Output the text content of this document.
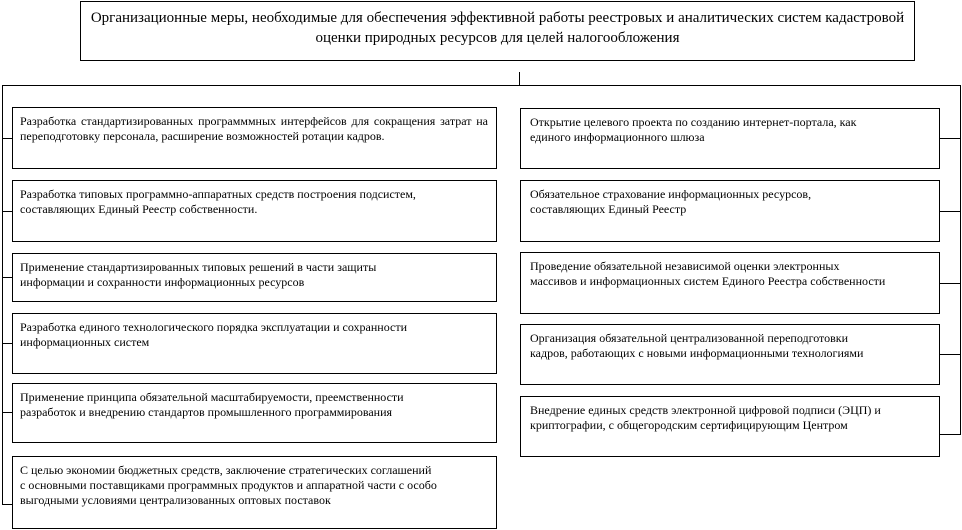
Организационные меры, необходимые для обеспечения эффективной работы реестровых и аналитических систем кадастровой оценки природных ресурсов для целей налогообложения
Разработка стандартизированных программмных интерфейсов для сокращения затрат на переподготовку персонала, расширение возможностей ротации кадров.
Разработка типовых программно-аппаратных средств построения подсистем,
составляющих Единый Реестр собственности.
Применение стандартизированных типовых решений в части защиты
информации и сохранности информационных ресурсов
Разработка единого технологического порядка эксплуатации и сохранности
информационных систем
Применение принципа обязательной масштабируемости, преемственности
разработок и внедрению стандартов промышленного программирования
С целью экономии бюджетных средств, заключение стратегических соглашений
с основными поставщиками программных продуктов и аппаратной части с особо
выгодными условиями централизованных оптовых поставок
Открытие целевого проекта по созданию интернет-портала, как
единого информационного шлюза
Обязательное страхование информационных ресурсов,
составляющих Единый Реестр
Проведение обязательной независимой оценки электронных
массивов и информационных систем Единого Реестра собственности
Организация обязательной централизованной переподготовки
кадров, работающих с новыми информационными технологиями
Внедрение единых средств электронной цифровой подписи (ЭЦП) и
криптографии, с общегородским сертифицирующим Центром
